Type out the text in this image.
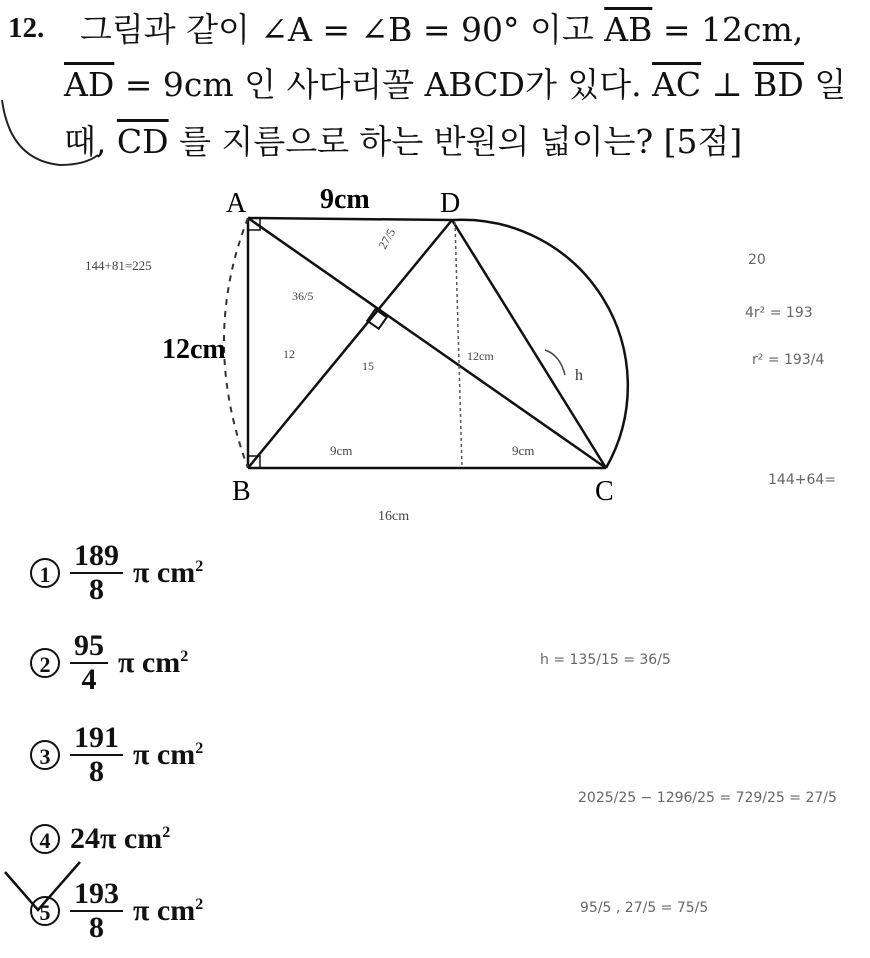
12. 그림과 같이 ∠A = ∠B = 90° 이고 $\overline{AB} = 12cm$,
$\overline{AD} = 9cm$ 인 사다리꼴 ABCD가 있다. $\overline{AC}$ ⊥ $\overline{BD}$ 일
때, $\overline{CD}$ 를 지름으로 하는 반원의 넓이는? [5점]
A	D
B	C
9cm
12cm
144+81=225
36/5
27/5
12
15
12cm
h
9cm	9cm
16cm
20
4r² = 193
r² = 193/4
144+64=
h = 135/15 = 36/5
2025/25 − 1296/25 = 729/25 = 27/5
95/5 , 27/5 = 75/5
$1 \frac{189}{8}$ π $cm^2$
$2 \frac{95}{4}$ π $cm^2$
$3 \frac{191}{8}$ π $cm^2$
4 24π $cm^2$
$5 \frac{193}{8}$ π $cm^2$
